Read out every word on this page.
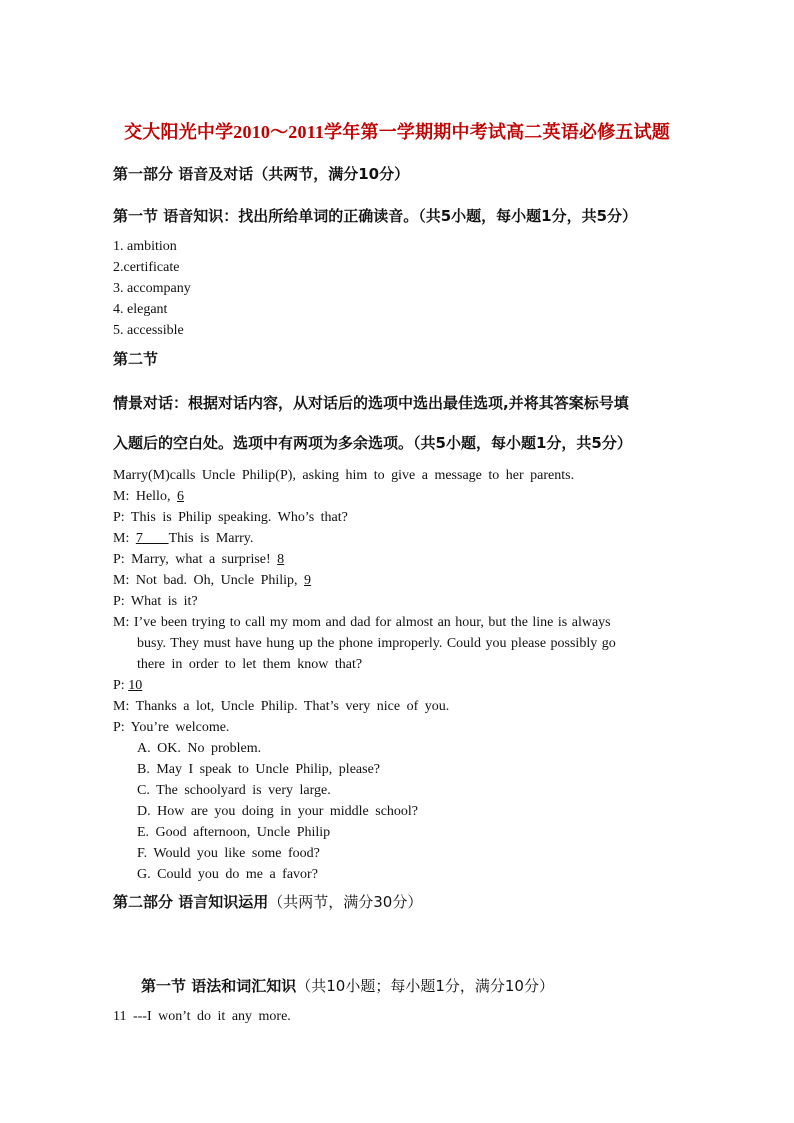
交大阳光中学2010～2011学年第一学期期中考试高二英语必修五试题
第一部分 语音及对话（共两节，满分10分）
第一节 语音知识：找出所给单词的正确读音。（共5小题，每小题1分，共5分）
1. ambition
2.certificate
3. accompany
4. elegant
5. accessible
第二节
情景对话：根据对话内容，从对话后的选项中选出最佳选项,并将其答案标号填
入题后的空白处。选项中有两项为多余选项。（共5小题，每小题1分，共5分）
Marry(M)calls Uncle Philip(P), asking him to give a message to her parents.
M: Hello, 6
P: This is Philip speaking. Who’s that?
M: 7    This is Marry.
P: Marry, what a surprise! 8
M: Not bad. Oh, Uncle Philip, 9
P: What is it?
M: I’ve been trying to call my mom and dad for almost an hour, but the line is always
busy. They must have hung up the phone improperly. Could you please possibly go
there in order to let them know that?
P: 10
M: Thanks a lot, Uncle Philip. That’s very nice of you.
P: You’re welcome.
A. OK. No problem.
B. May I speak to Uncle Philip, please?
C. The schoolyard is very large.
D. How are you doing in your middle school?
E. Good afternoon, Uncle Philip
F. Would you like some food?
G. Could you do me a favor?
第二部分 语言知识运用（共两节，满分30分）
第一节 语法和词汇知识（共10小题；每小题1分，满分10分）
11 ---I won’t do it any more.
